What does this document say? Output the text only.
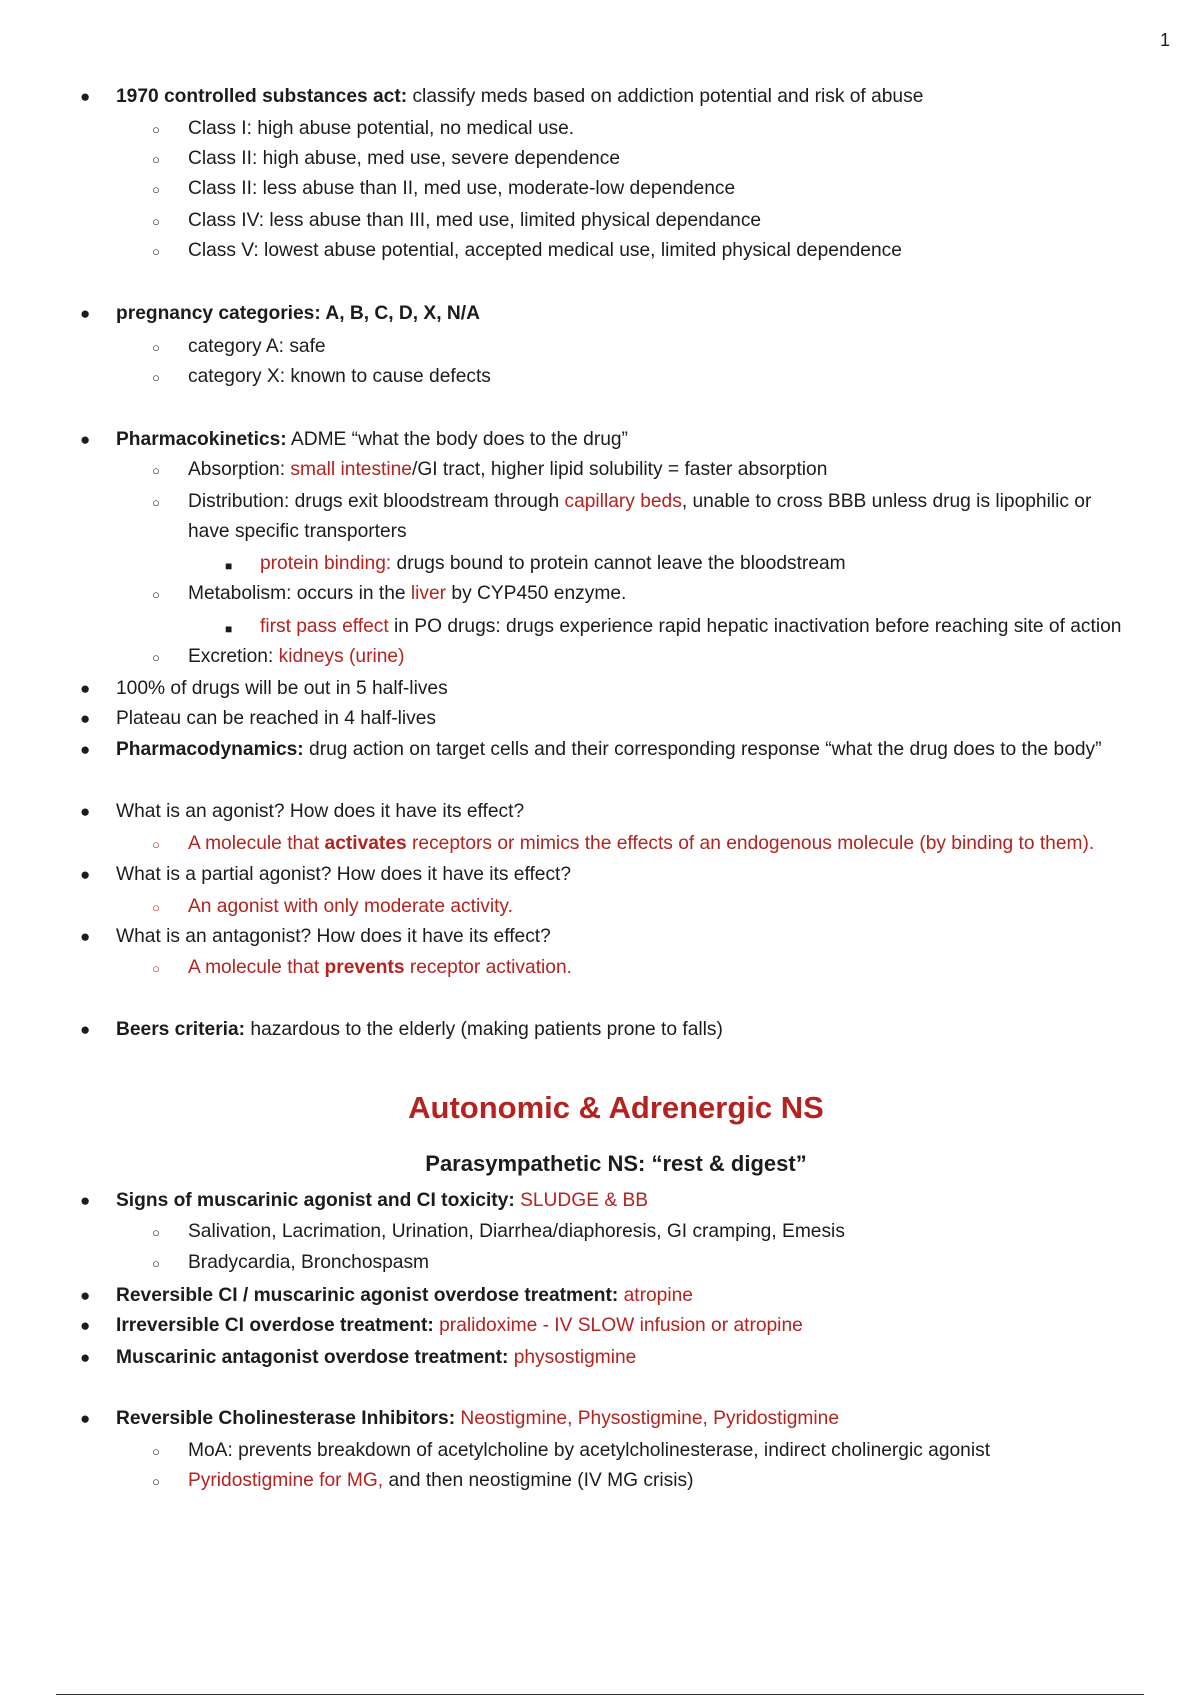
1
● 1970 controlled substances act: classify meds based on addiction potential and risk of abuse
○ Class I: high abuse potential, no medical use.
○ Class II: high abuse, med use, severe dependence
○ Class II: less abuse than II, med use, moderate-low dependence
○ Class IV: less abuse than III, med use, limited physical dependance
○ Class V: lowest abuse potential, accepted medical use, limited physical dependence
● pregnancy categories: A, B, C, D, X, N/A
○ category A: safe
○ category X: known to cause defects
● Pharmacokinetics: ADME “what the body does to the drug”
○ Absorption: small intestine/GI tract, higher lipid solubility = faster absorption
○ Distribution: drugs exit bloodstream through capillary beds, unable to cross BBB unless drug is lipophilic or
have specific transporters
■ protein binding: drugs bound to protein cannot leave the bloodstream
○ Metabolism: occurs in the liver by CYP450 enzyme.
■ first pass effect in PO drugs: drugs experience rapid hepatic inactivation before reaching site of action
○ Excretion: kidneys (urine)
● 100% of drugs will be out in 5 half-lives
● Plateau can be reached in 4 half-lives
● Pharmacodynamics: drug action on target cells and their corresponding response “what the drug does to the body”
● What is an agonist? How does it have its effect?
○ A molecule that activates receptors or mimics the effects of an endogenous molecule (by binding to them).
● What is a partial agonist? How does it have its effect?
○ An agonist with only moderate activity.
● What is an antagonist? How does it have its effect?
○ A molecule that prevents receptor activation.
● Beers criteria: hazardous to the elderly (making patients prone to falls)
Autonomic & Adrenergic NS
Parasympathetic NS: “rest & digest”
● Signs of muscarinic agonist and CI toxicity: SLUDGE & BB
○ Salivation, Lacrimation, Urination, Diarrhea/diaphoresis, GI cramping, Emesis
○ Bradycardia, Bronchospasm
● Reversible CI / muscarinic agonist overdose treatment: atropine
● Irreversible CI overdose treatment: pralidoxime - IV SLOW infusion or atropine
● Muscarinic antagonist overdose treatment: physostigmine
● Reversible Cholinesterase Inhibitors: Neostigmine, Physostigmine, Pyridostigmine
○ MoA: prevents breakdown of acetylcholine by acetylcholinesterase, indirect cholinergic agonist
○ Pyridostigmine for MG, and then neostigmine (IV MG crisis)
